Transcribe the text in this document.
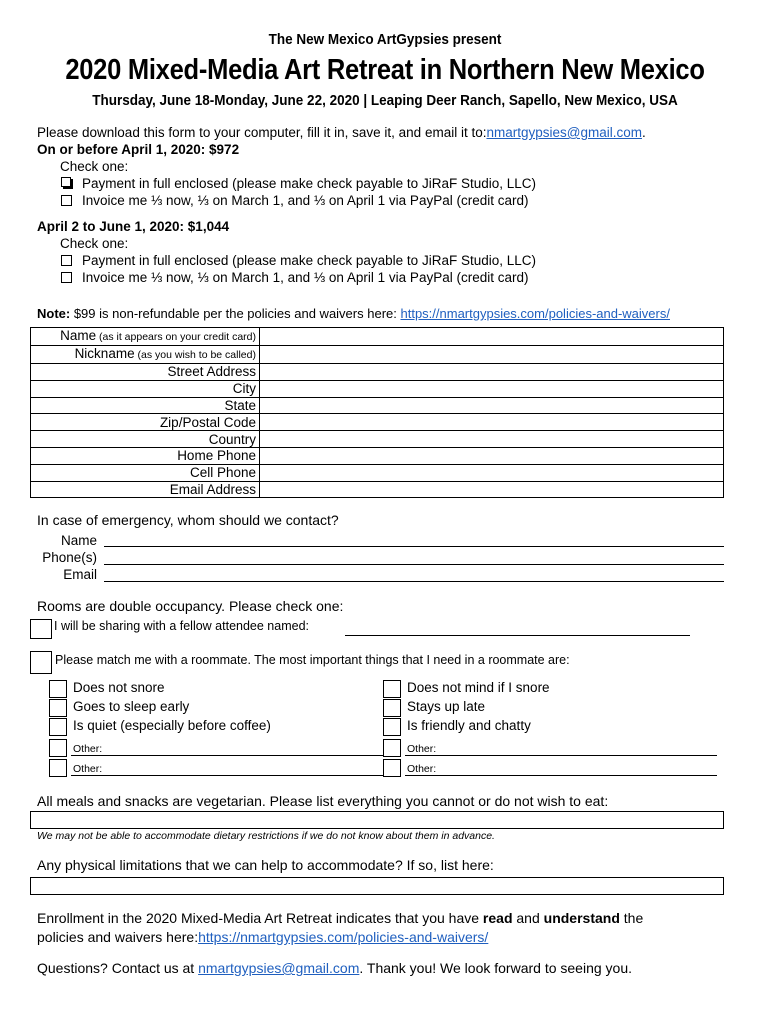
The New Mexico ArtGypsies present
2020 Mixed-Media Art Retreat in Northern New Mexico
Thursday, June 18-Monday, June 22, 2020 | Leaping Deer Ranch, Sapello, New Mexico, USA
Please download this form to your computer, fill it in, save it, and email it to:nmartgypsies@gmail.com.
On or before April 1, 2020: $972
Check one:
Payment in full enclosed (please make check payable to JiRaF Studio, LLC)
Invoice me ⅓ now, ⅓ on March 1, and ⅓ on April 1 via PayPal (credit card)
April 2 to June 1, 2020: $1,044
Check one:
Payment in full enclosed (please make check payable to JiRaF Studio, LLC)
Invoice me ⅓ now, ⅓ on March 1, and ⅓ on April 1 via PayPal (credit card)
Note: $99 is non-refundable per the policies and waivers here: https://nmartgypsies.com/policies-and-waivers/
Name (as it appears on your credit card)	
Nickname (as you wish to be called)	
Street Address	
City	
State	
Zip/Postal Code	
Country	
Home Phone	
Cell Phone	
Email Address	
In case of emergency, whom should we contact?
Name
Phone(s)
Email
Rooms are double occupancy. Please check one:
I will be sharing with a fellow attendee named:
Please match me with a roommate. The most important things that I need in a roommate are:
Does not snore
Goes to sleep early
Is quiet (especially before coffee)
Other:
Other:
Does not mind if I snore
Stays up late
Is friendly and chatty
Other:
Other:
All meals and snacks are vegetarian. Please list everything you cannot or do not wish to eat:
We may not be able to accommodate dietary restrictions if we do not know about them in advance.
Any physical limitations that we can help to accommodate? If so, list here:
Enrollment in the 2020 Mixed-Media Art Retreat indicates that you have read and understand the
policies and waivers here:https://nmartgypsies.com/policies-and-waivers/
Questions? Contact us at nmartgypsies@gmail.com. Thank you! We look forward to seeing you.
